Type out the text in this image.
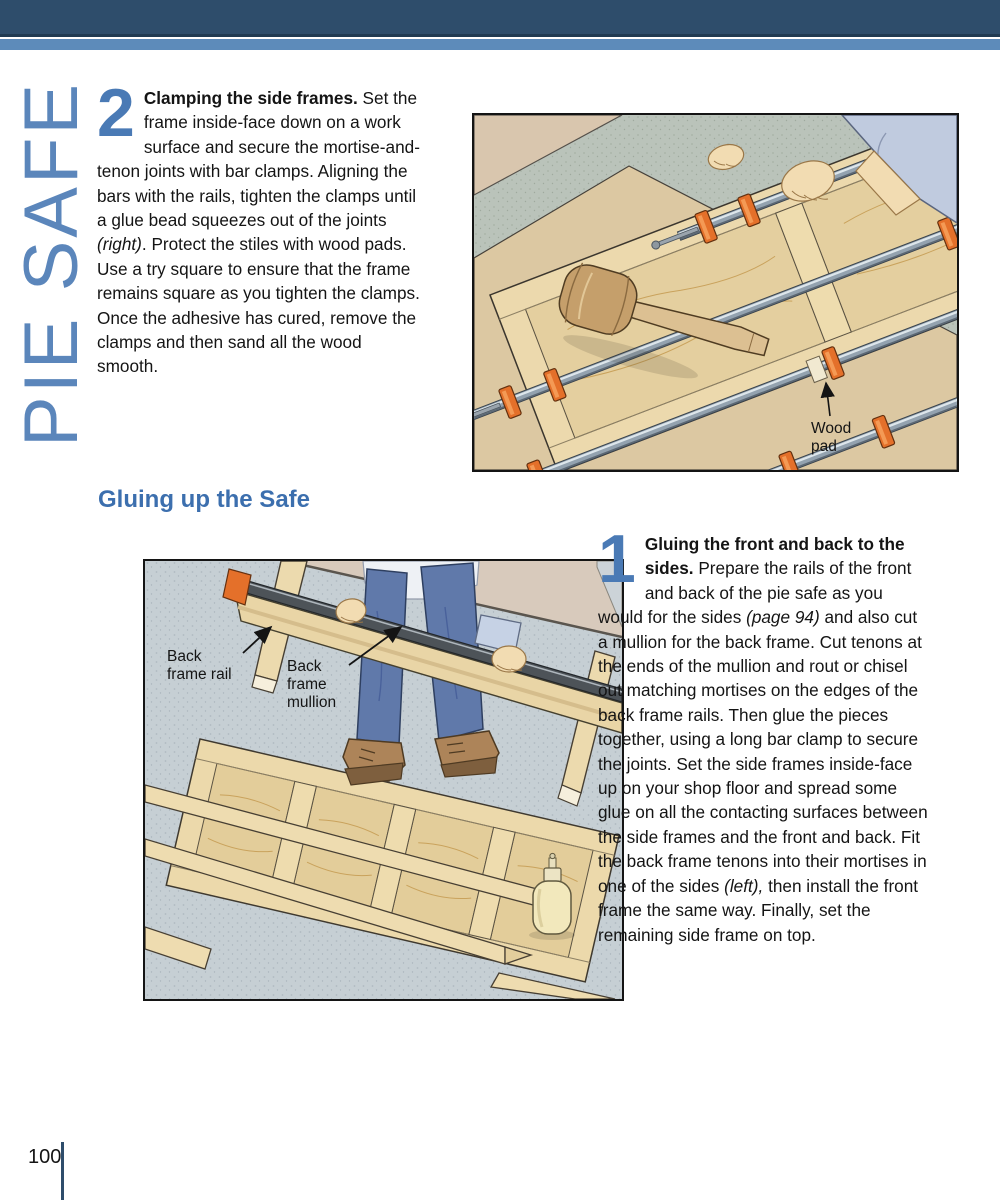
PIE SAFE 2 Clamping the side frames. Set the frame inside-face down on a work surface and secure the mortise-and-tenon joints with bar clamps. Aligning the bars with the rails, tighten the clamps until a glue bead squeezes out of the joints (right). Protect the stiles with wood pads. Use a try square to ensure that the frame remains square as you tighten the clamps. Once the adhesive has cured, remove the clamps and then sand all the wood smooth.

Wood
pad
Gluing up the Safe
Back
frame rail	Back
frame
mullion

1 Gluing the front and back to the sides. Prepare the rails of the front and back of the pie safe as you would for the sides (page 94) and also cut a mullion for the back frame. Cut tenons at the ends of the mullion and rout or chisel out matching mortises on the edges of the back frame rails. Then glue the pieces together, using a long bar clamp to secure the joints. Set the side frames inside-face up on your shop floor and spread some glue on all the contacting surfaces between the side frames and the front and back. Fit the back frame tenons into their mortises in one of the sides (left), then install the front frame the same way. Finally, set the remaining side frame on top.

100
